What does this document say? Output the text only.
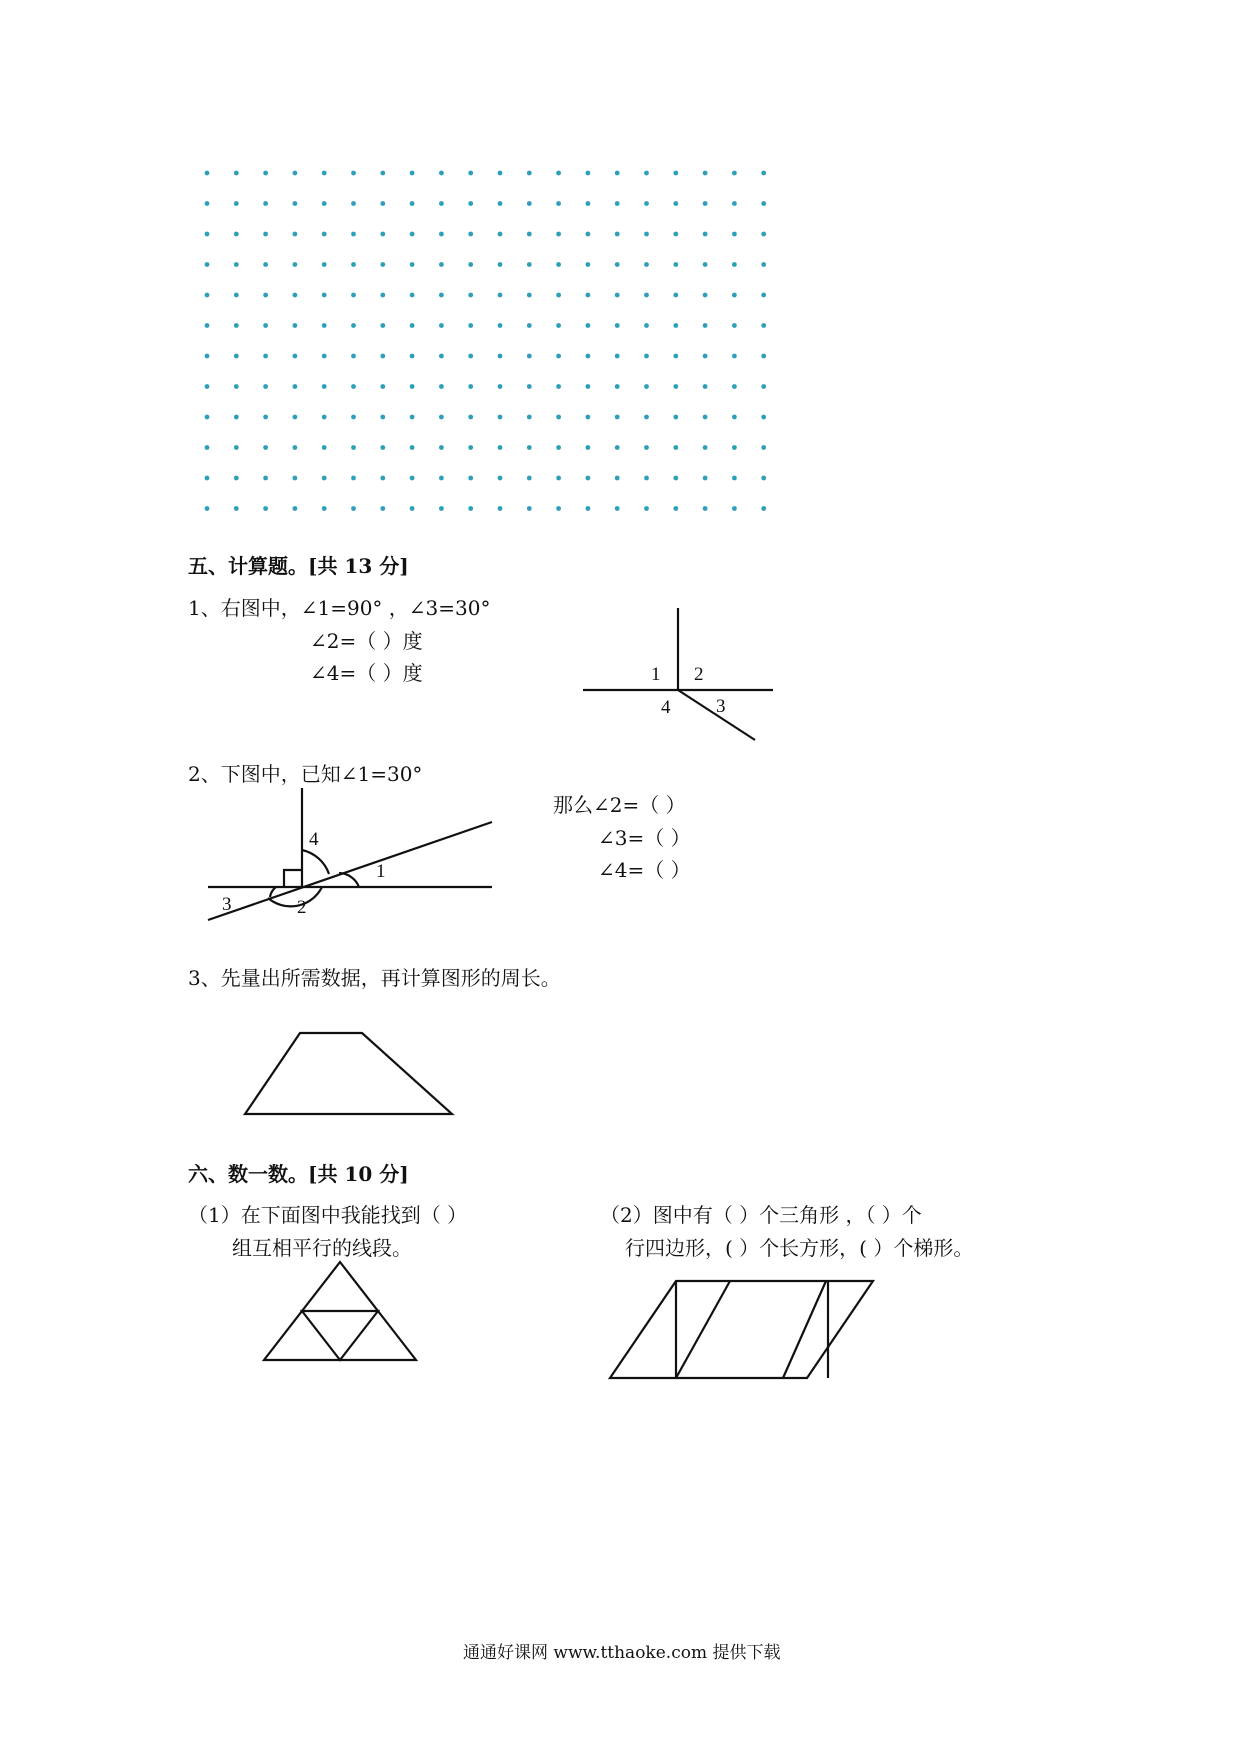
五、计算题。[共 13 分]
1、右图中，∠1=90° ，∠3=30°
∠2=（ ）度
∠4=（ ）度	1 2
3
4
2、下图中，已知∠1=30°
那么∠2=（ ）
∠3=（ ）
∠4=（ ）
4
1
3	2
3、先量出所需数据，再计算图形的周长。
六、数一数。[共 10 分]
（1）在下面图中我能找到（ ）
组互相平行的线段。
（2）图中有（ ）个三角形 ，（ ）个
行四边形，( ）个长方形，( ）个梯形。
通通好课网 www.tthaoke.com 提供下载
